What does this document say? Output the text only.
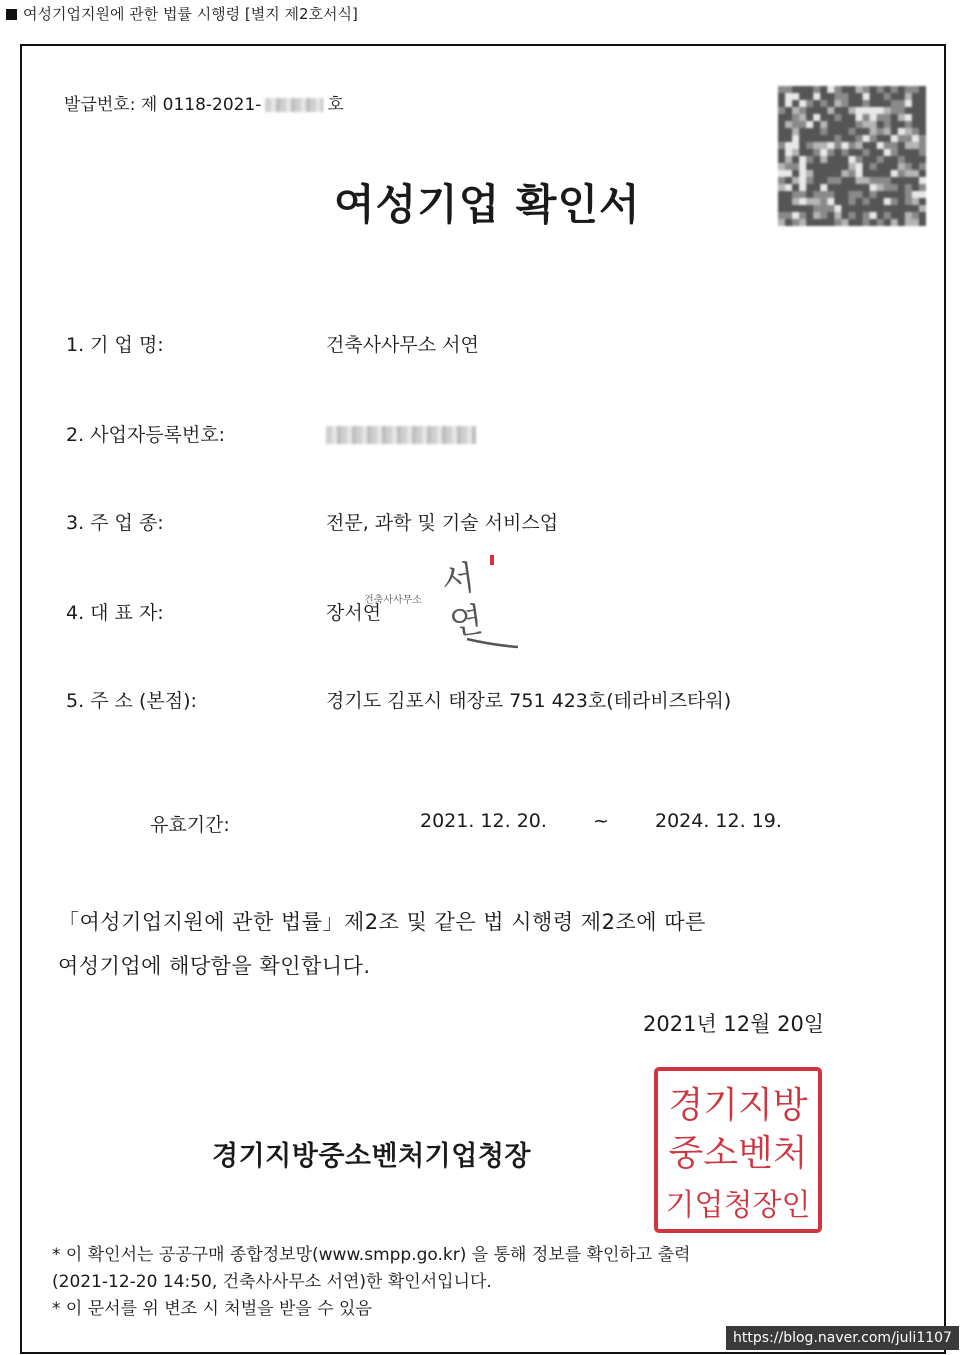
여성기업지원에 관한 법률 시행령 [별지 제2호서식]
발급번호: 제 0118-2021-	호
여성기업 확인서
1. 기 업 명:	건축사사무소 서연
2. 사업자등록번호:
3. 주 업 종:	전문, 과학 및 기술 서비스업
4. 대 표 자:	장서연
건축사사무소 서
연
5. 주 소 (본점):	경기도 김포시 태장로 751 423호(테라비즈타워)
유효기간:	2021. 12. 20. ~ 2024. 12. 19.
「여성기업지원에 관한 법률」제2조 및 같은 법 시행령 제2조에 따른
여성기업에 해당함을 확인합니다.
2021년 12월 20일
경기지방중소벤처기업청장
경기지방
중소벤처
기업청장인
* 이 확인서는 공공구매 종합정보망(www.smpp.go.kr) 을 통해 정보를 확인하고 출력
(2021-12-20 14:50, 건축사사무소 서연)한 확인서입니다.
* 이 문서를 위 변조 시 처벌을 받을 수 있음
https://blog.naver.com/juli1107
